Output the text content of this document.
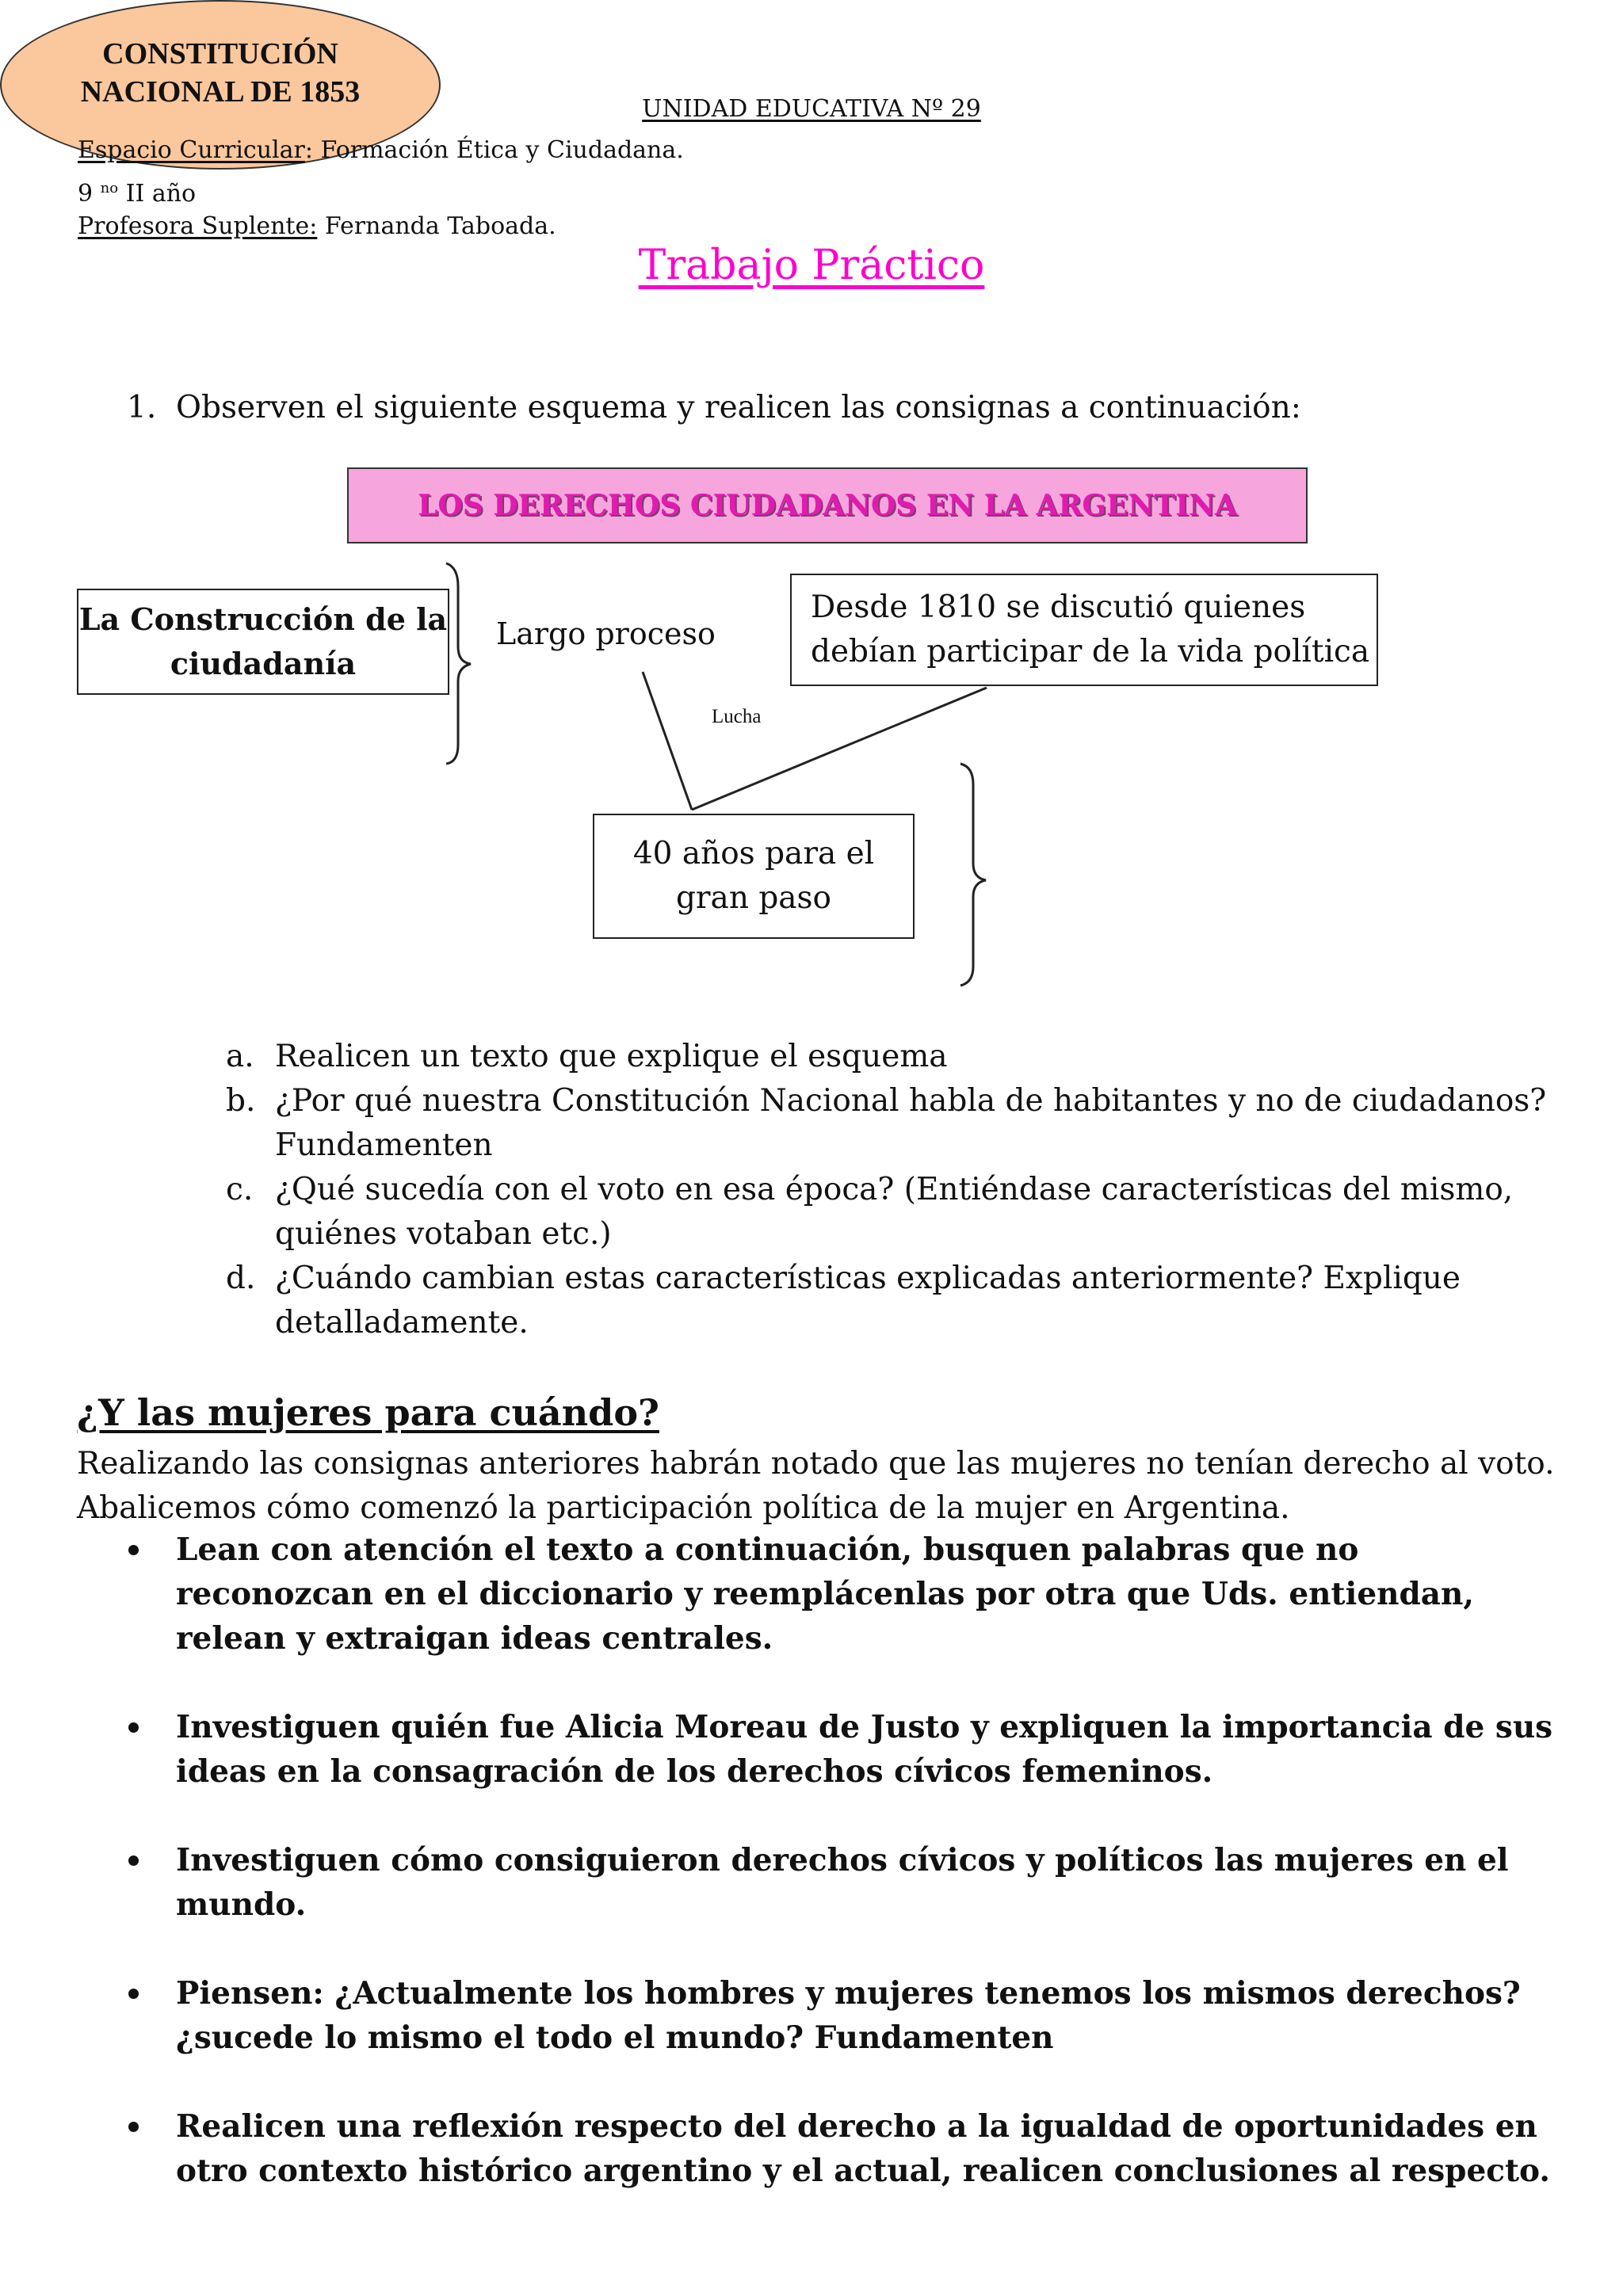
UNIDAD EDUCATIVA Nº 29
Espacio Curricular: Formación Ética y Ciudadana.
9 $^{no}$ II año
Profesora Suplente: Fernanda Taboada.
Trabajo Práctico
1. Observen el siguiente esquema y realicen las consignas a continuación:
LOS DERECHOS CIUDADANOS EN LA ARGENTINA
La Construcción de la ciudadanía
Largo proceso
Desde 1810 se discutió quienes debían participar de la vida política
Lucha
40 años para el gran paso
CONSTITUCIÓN NACIONAL DE 1853
a. Realicen un texto que explique el esquema
b. ¿Por qué nuestra Constitución Nacional habla de habitantes y no de ciudadanos? Fundamenten
c. ¿Qué sucedía con el voto en esa época? (Entiéndase características del mismo, quiénes votaban etc.)
d. ¿Cuándo cambian estas características explicadas anteriormente? Explique detalladamente.
¿Y las mujeres para cuándo?
Realizando las consignas anteriores habrán notado que las mujeres no tenían derecho al voto.
Abalicemos cómo comenzó la participación política de la mujer en Argentina.
Lean con atención el texto a continuación, busquen palabras que no reconozcan en el diccionario y reemplácenlas por otra que Uds. entiendan, relean y extraigan ideas centrales.
Investiguen quién fue Alicia Moreau de Justo y expliquen la importancia de sus ideas en la consagración de los derechos cívicos femeninos.
Investiguen cómo consiguieron derechos cívicos y políticos las mujeres en el mundo.
Piensen: ¿Actualmente los hombres y mujeres tenemos los mismos derechos? ¿sucede lo mismo el todo el mundo? Fundamenten
Realicen una reflexión respecto del derecho a la igualdad de oportunidades en otro contexto histórico argentino y el actual, realicen conclusiones al respecto.
